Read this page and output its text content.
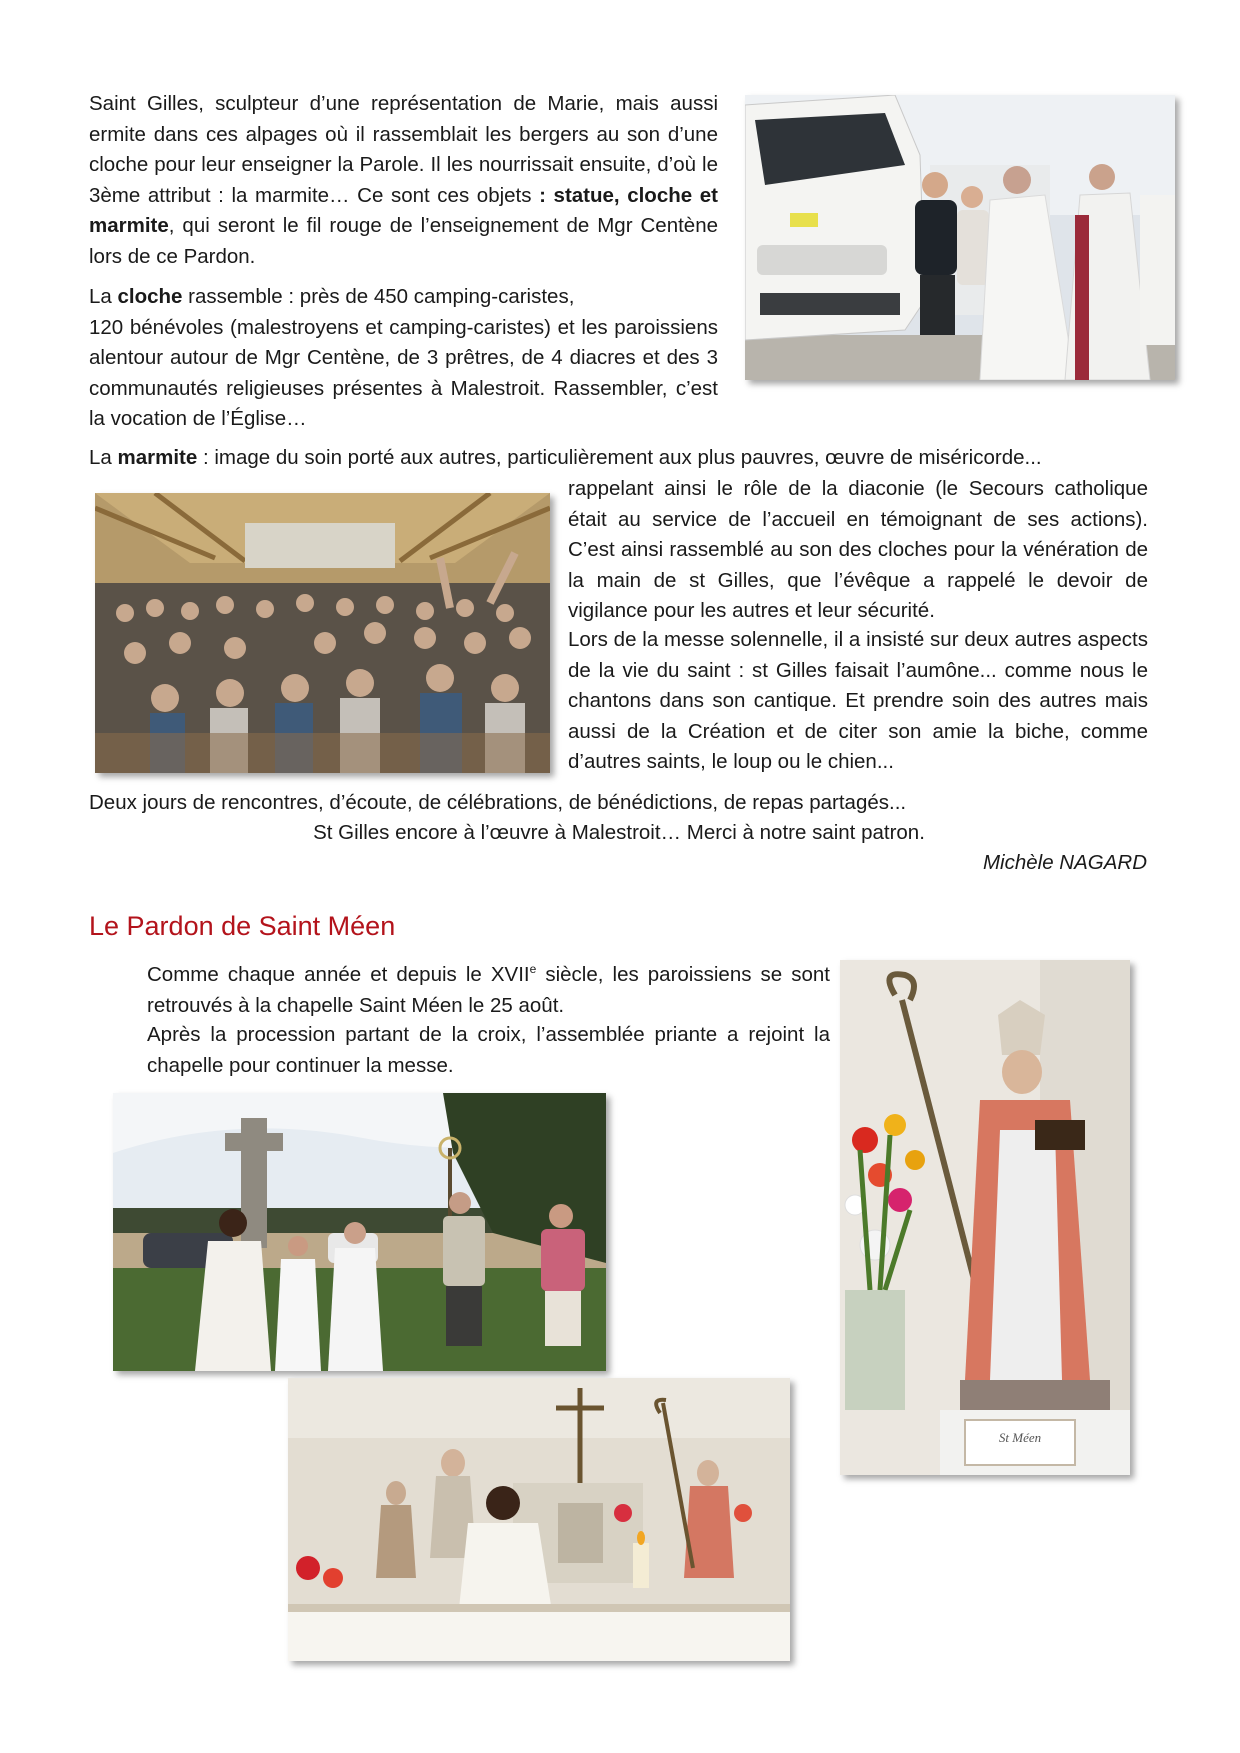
Saint Gilles, sculpteur d’une représentation de Marie, mais aussi ermite dans ces alpages où il rassemblait les bergers au son d’une cloche pour leur enseigner la Parole. Il les nourrissait ensuite, d’où le 3ème attribut : la marmite… Ce sont ces objets : statue, cloche et marmite, qui seront le fil rouge de l’enseignement de Mgr Centène lors de ce Pardon.

La cloche rassemble : près de 450 camping-caristes,
120 bénévoles (malestroyens et camping-caristes) et les paroissiens alentour autour de Mgr Centène, de 3 prêtres, de 4 diacres et des 3 communautés religieuses présentes à Malestroit. Rassembler, c’est la vocation de l’Église…

La marmite : image du soin porté aux autres, particulièrement aux plus pauvres, œuvre de miséricorde...

rappelant ainsi le rôle de la diaconie (le Secours catholique était au service de l’accueil en témoignant de ses actions). C’est ainsi rassemblé au son des cloches pour la vénération de la main de st Gilles, que l’évêque a rappelé le devoir de vigilance pour les autres et leur sécurité.

Lors de la messe solennelle, il a insisté sur deux autres aspects de la vie du saint : st Gilles faisait l’aumône... comme nous le chantons dans son cantique. Et prendre soin des autres mais aussi de la Création et de citer son amie la biche, comme d’autres saints, le loup ou le chien...

Deux jours de rencontres, d’écoute, de célébrations, de bénédictions, de repas partagés...

St Gilles encore à l’œuvre à Malestroit… Merci à notre saint patron.

Michèle NAGARD

Le Pardon de Saint Méen

Comme chaque année et depuis le XVIIe siècle, les paroissiens se sont retrouvés à la chapelle Saint Méen le 25 août.

Après la procession partant de la croix, l’assemblée priante a rejoint la chapelle pour continuer la messe.

St Méen
